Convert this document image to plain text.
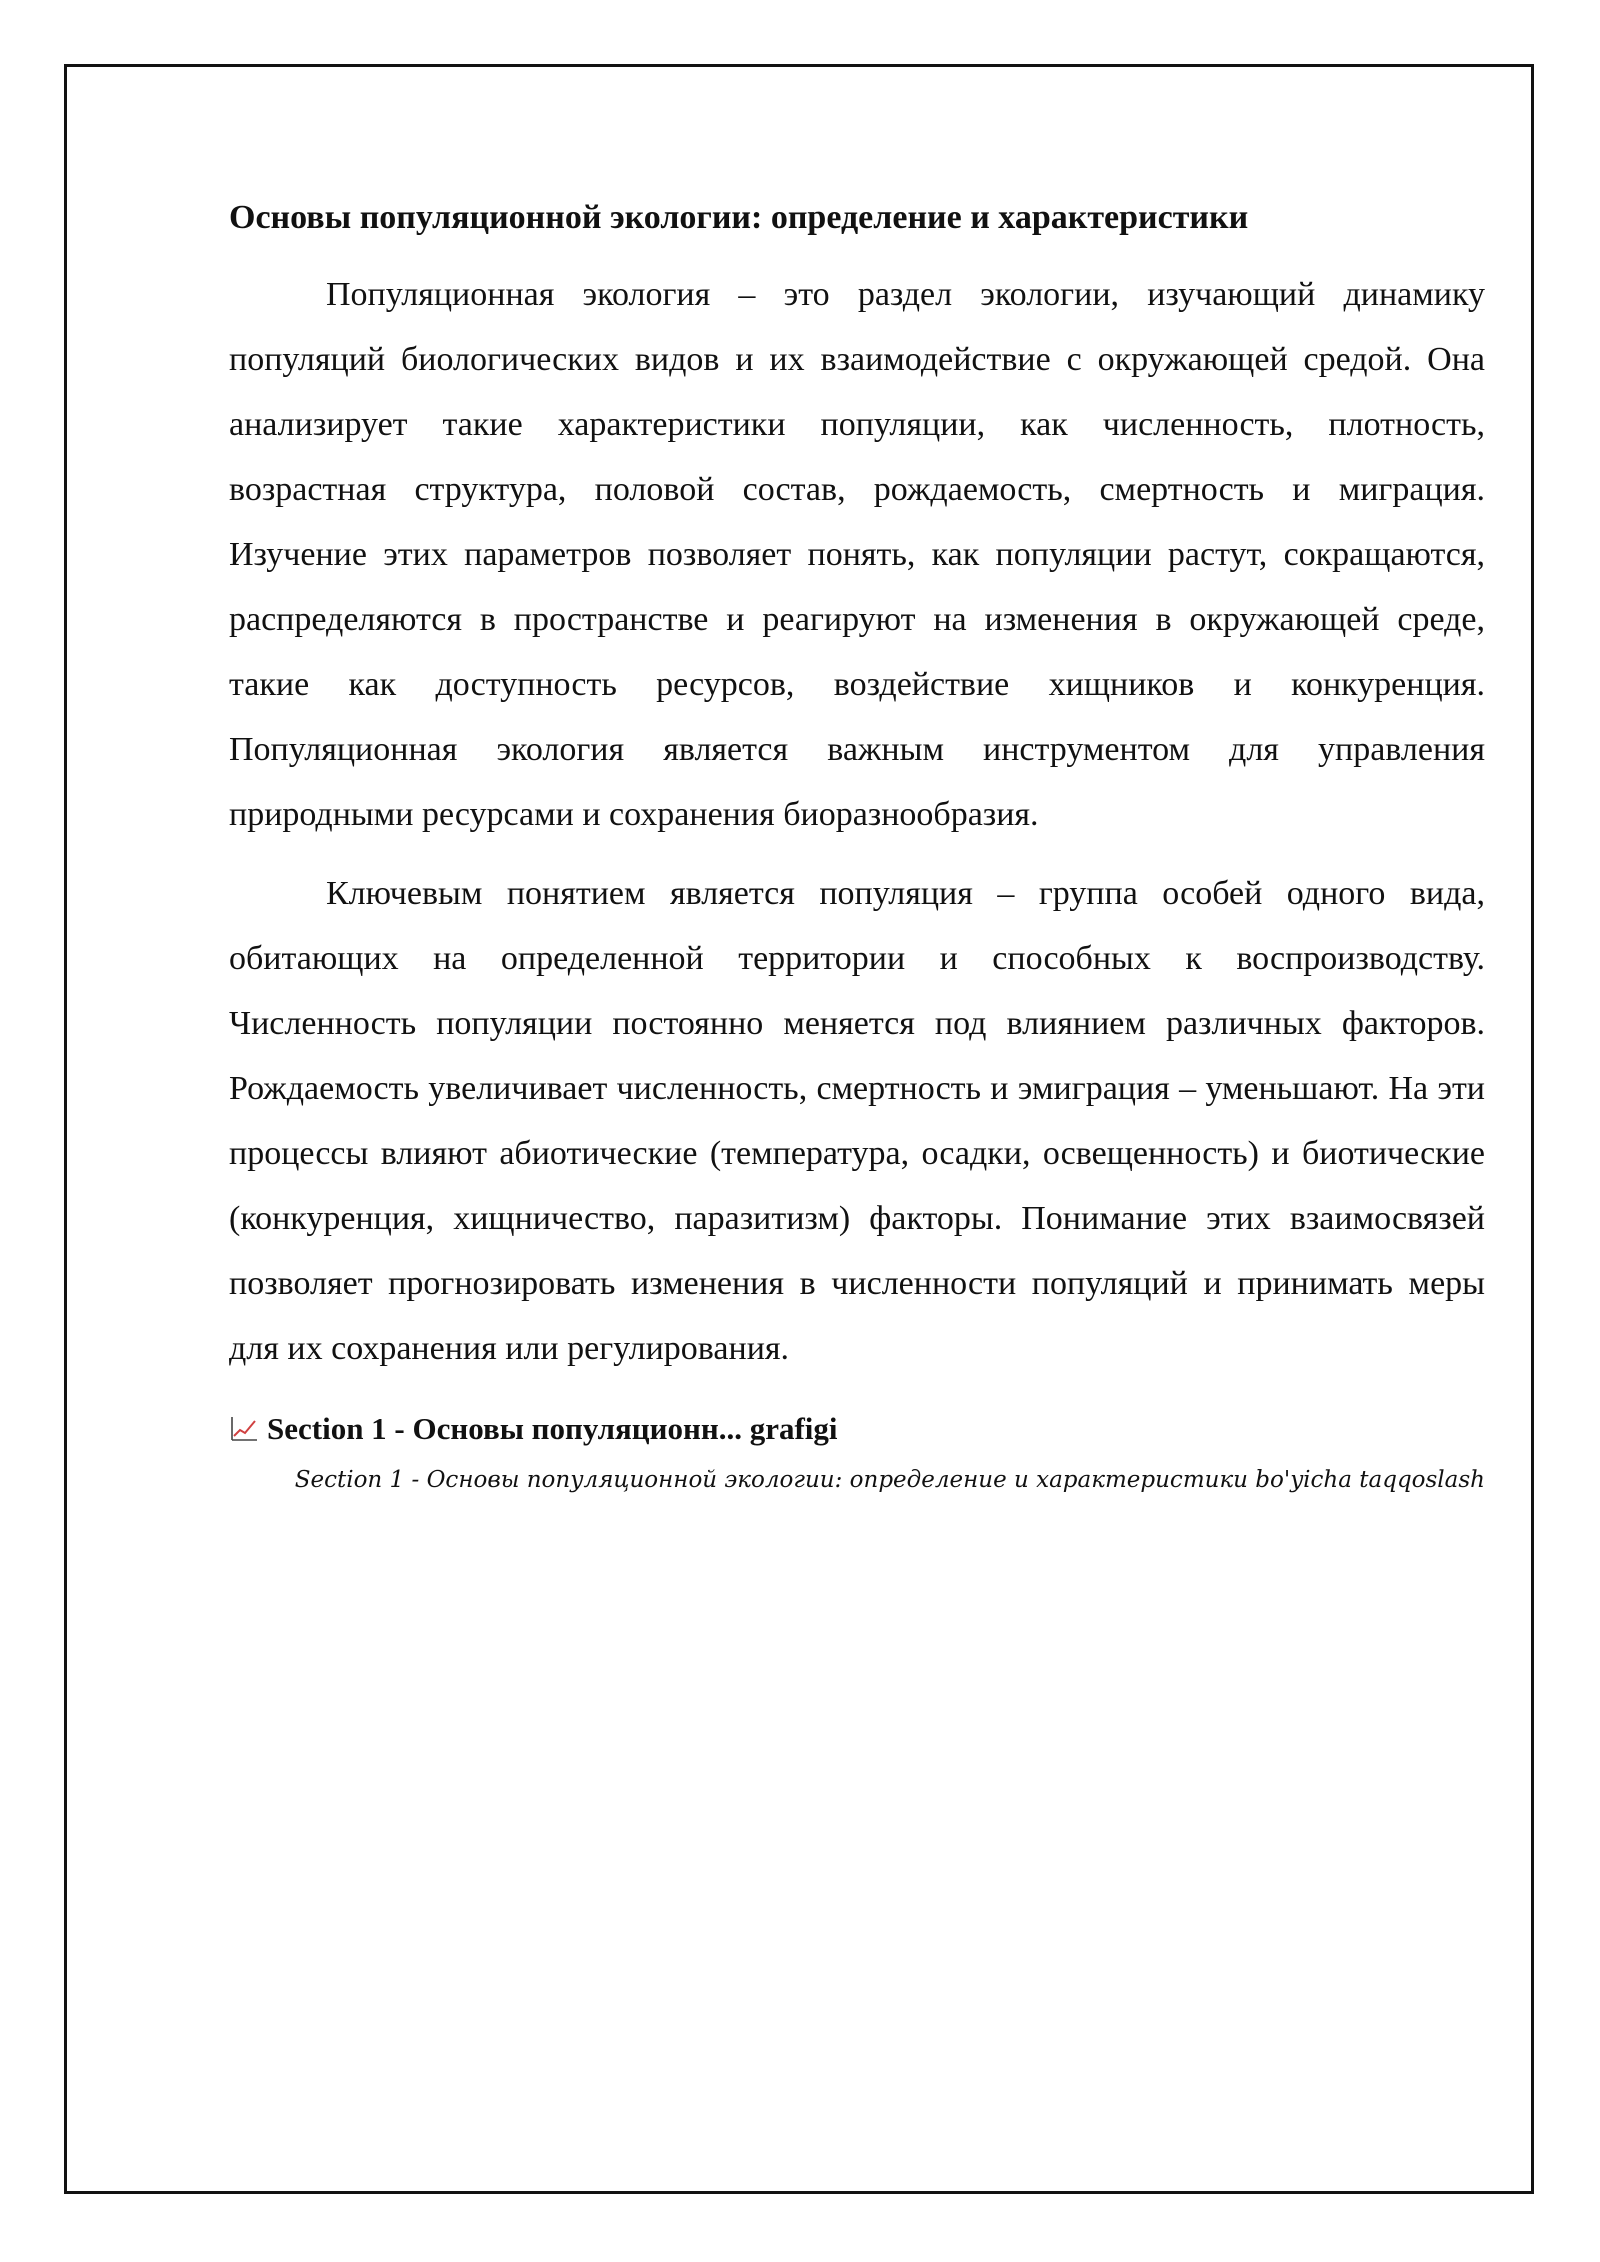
Основы популяционной экологии: определение и характеристики

Популяционная экология – это раздел экологии, изучающий динамику популяций биологических видов и их взаимодействие с окружающей средой. Она анализирует такие характеристики популяции, как численность, плотность, возрастная структура, половой состав, рождаемость, смертность и миграция. Изучение этих параметров позволяет понять, как популяции растут, сокращаются, распределяются в пространстве и реагируют на изменения в окружающей среде, такие как доступность ресурсов, воздействие хищников и конкуренция. Популяционная экология является важным инструментом для управления природными ресурсами и сохранения биоразнообразия.

Ключевым понятием является популяция – группа особей одного вида, обитающих на определенной территории и способных к воспроизводству. Численность популяции постоянно меняется под влиянием различных факторов. Рождаемость увеличивает численность, смертность и эмиграция – уменьшают. На эти процессы влияют абиотические (температура, осадки, освещенность) и биотические (конкуренция, хищничество, паразитизм) факторы. Понимание этих взаимосвязей позволяет прогнозировать изменения в численности популяций и принимать меры для их сохранения или регулирования.

Section 1 - Основы популяционн... grafigi
Section 1 - Основы популяционной экологии: определение и характеристики bo'yicha taqqoslash
